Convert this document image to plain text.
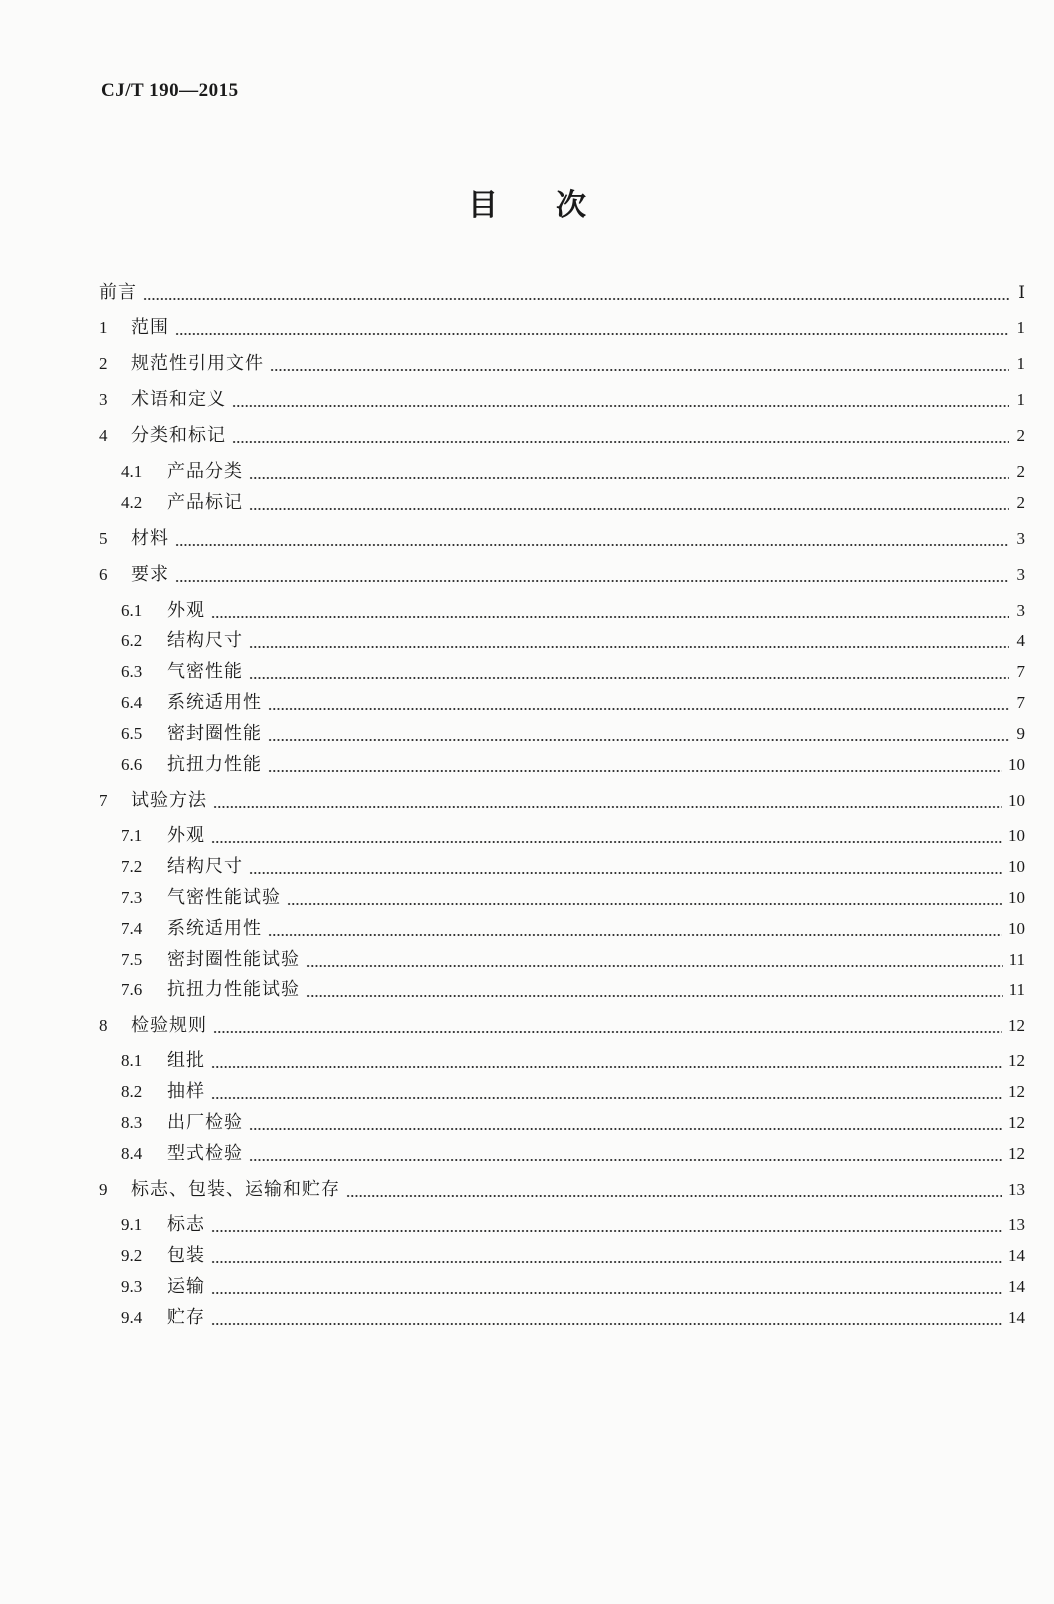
CJ/T 190—2015
目 次
前言	Ⅰ
1	范围	1
2	规范性引用文件	1
3	术语和定义	1
4	分类和标记	2
4.1	产品分类	2
4.2	产品标记	2
5	材料	3
6	要求	3
6.1	外观	3
6.2	结构尺寸	4
6.3	气密性能	7
6.4	系统适用性	7
6.5	密封圈性能	9
6.6	抗扭力性能	10
7	试验方法	10
7.1	外观	10
7.2	结构尺寸	10
7.3	气密性能试验	10
7.4	系统适用性	10
7.5	密封圈性能试验	11
7.6	抗扭力性能试验	11
8	检验规则	12
8.1	组批	12
8.2	抽样	12
8.3	出厂检验	12
8.4	型式检验	12
9	标志、包装、运输和贮存	13
9.1	标志	13
9.2	包装	14
9.3	运输	14
9.4	贮存	14
